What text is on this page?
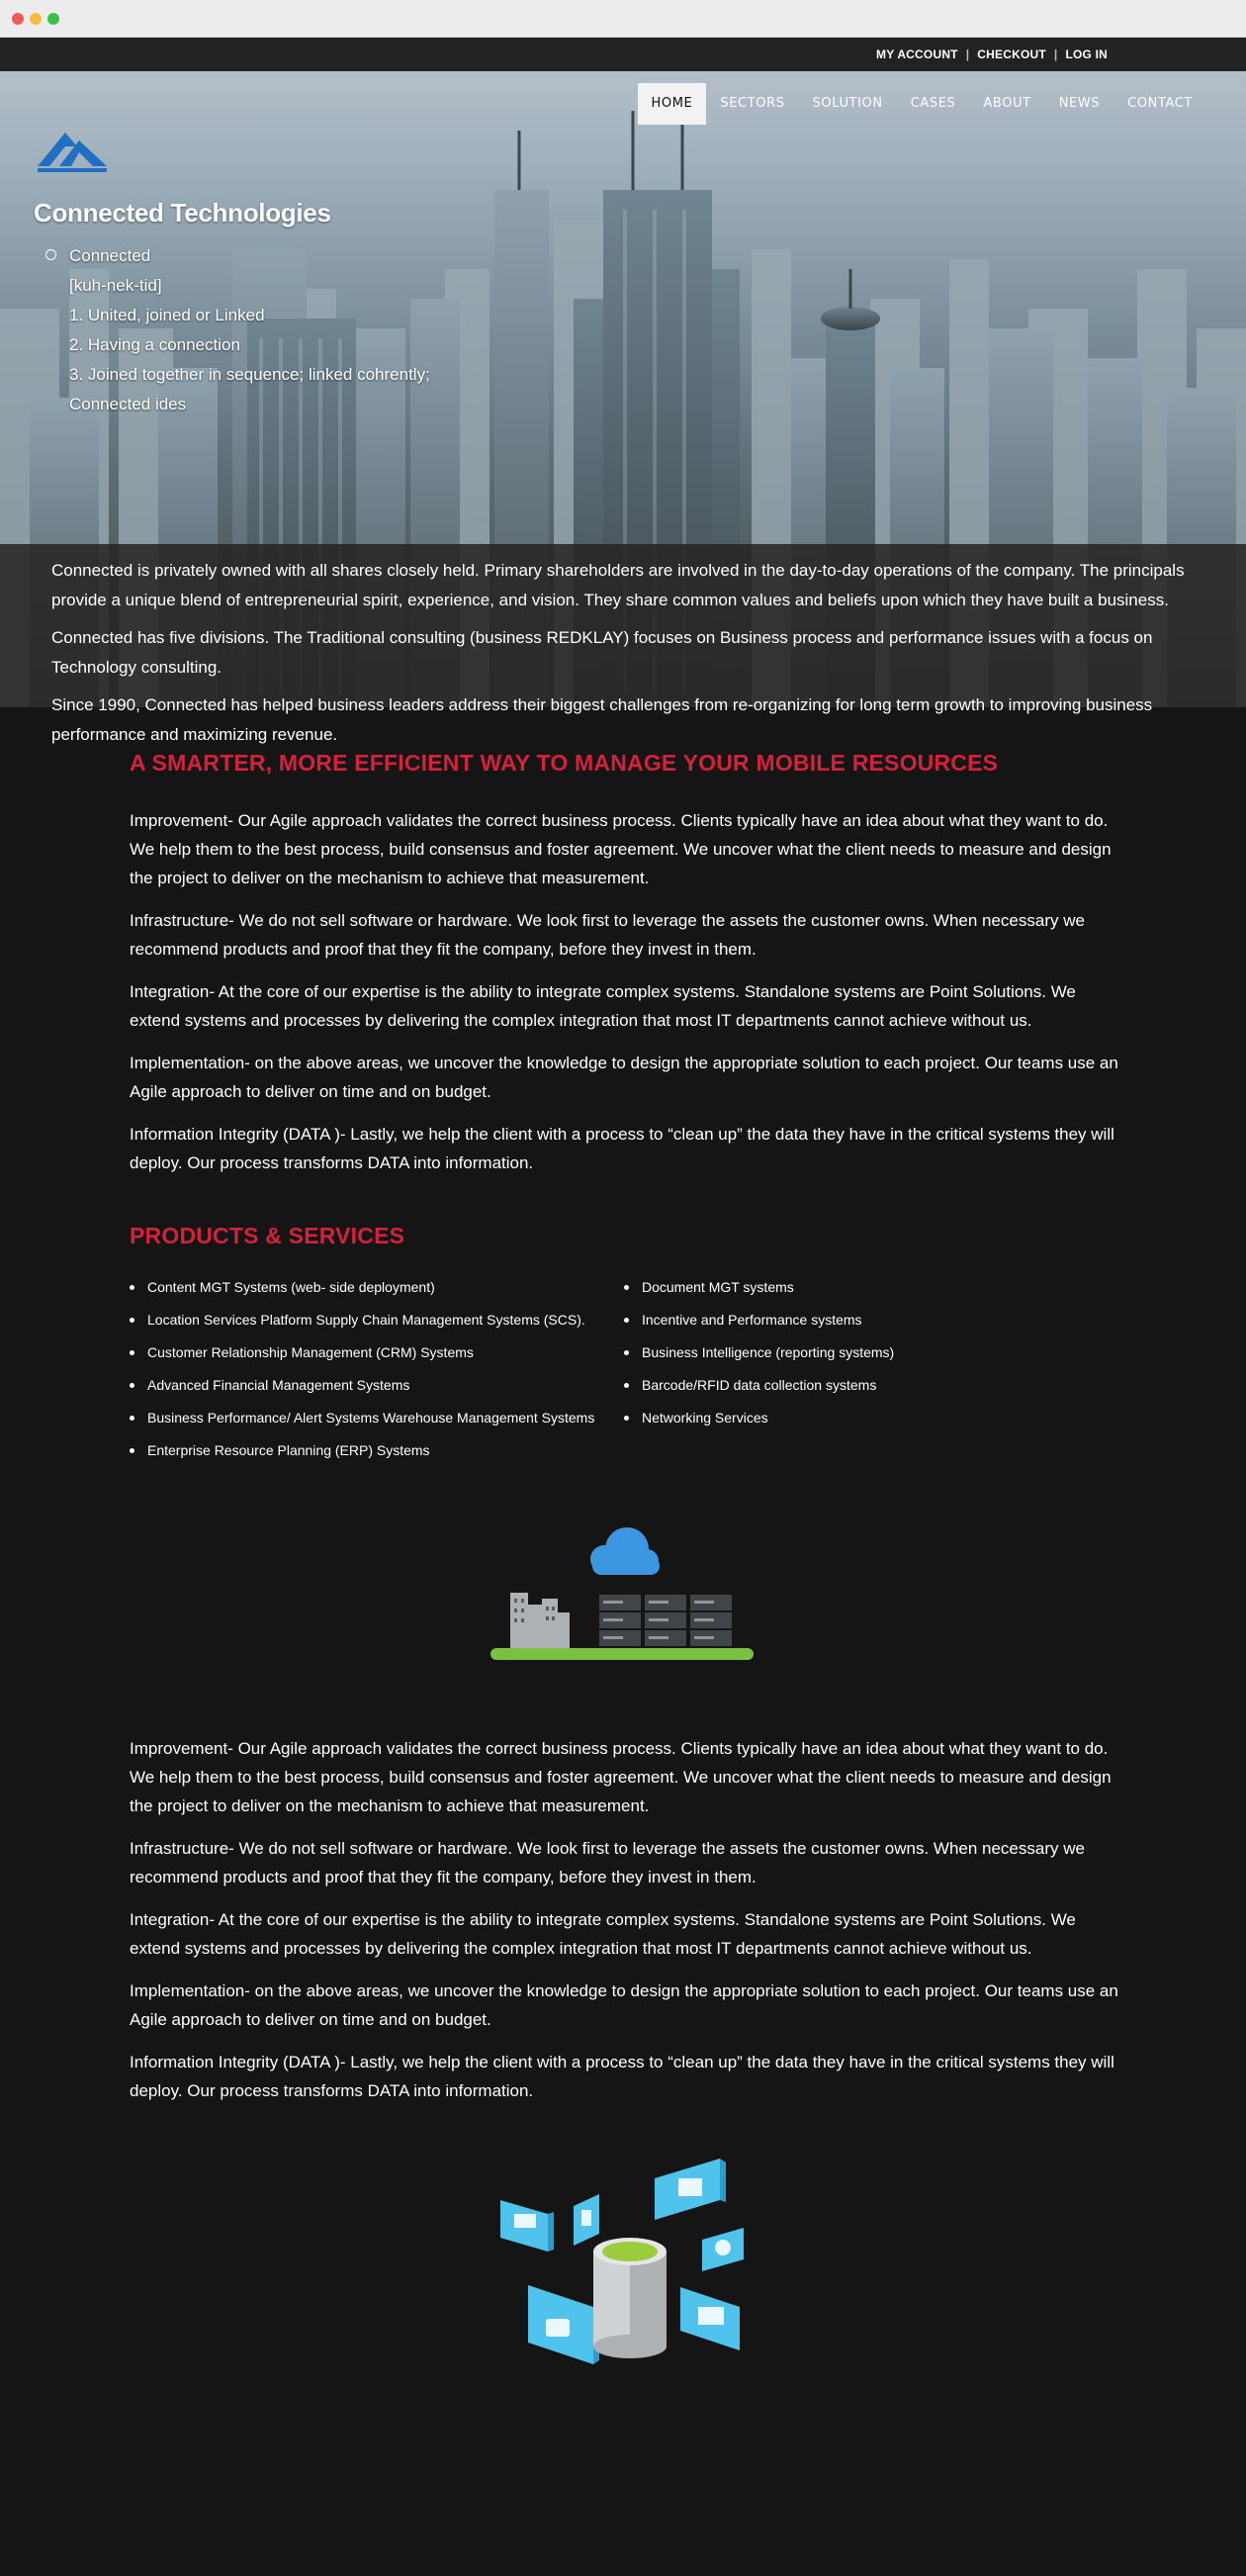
MY ACCOUNT | CHECKOUT | LOG IN
HOME	SECTORS	SOLUTION	CASES	ABOUT	NEWS	CONTACT
Connected Technologies
Connected
[kuh-nek-tid]
1. United, joined or Linked
2. Having a connection
3. Joined together in sequence; linked cohrently;
Connected ides

Connected is privately owned with all shares closely held. Primary shareholders are involved in the day-to-day operations of the company. The principals provide a unique blend of entrepreneurial spirit, experience, and vision. They share common values and beliefs upon which they have built a business.

Connected has five divisions. The Traditional consulting (business REDKLAY) focuses on Business process and performance issues with a focus on Technology consulting.

Since 1990, Connected has helped business leaders address their biggest challenges from re-organizing for long term growth to improving business performance and maximizing revenue.

A SMARTER, MORE EFFICIENT WAY TO MANAGE YOUR MOBILE RESOURCES

Improvement- Our Agile approach validates the correct business process. Clients typically have an idea about what they want to do. We help them to the best process, build consensus and foster agreement. We uncover what the client needs to measure and design the project to deliver on the mechanism to achieve that measurement.

Infrastructure- We do not sell software or hardware. We look first to leverage the assets the customer owns. When necessary we recommend products and proof that they fit the company, before they invest in them.

Integration- At the core of our expertise is the ability to integrate complex systems. Standalone systems are Point Solutions. We extend systems and processes by delivering the complex integration that most IT departments cannot achieve without us.

Implementation- on the above areas, we uncover the knowledge to design the appropriate solution to each project. Our teams use an Agile approach to deliver on time and on budget.

Information Integrity (DATA )- Lastly, we help the client with a process to “clean up” the data they have in the critical systems they will deploy. Our process transforms DATA into information.

PRODUCTS & SERVICES
Content MGT Systems (web- side deployment)
Location Services Platform Supply Chain Management Systems (SCS).
Customer Relationship Management (CRM) Systems
Advanced Financial Management Systems
Business Performance/ Alert Systems Warehouse Management Systems
Enterprise Resource Planning (ERP) Systems
Document MGT systems
Incentive and Performance systems
Business Intelligence (reporting systems)
Barcode/RFID data collection systems
Networking Services

Improvement- Our Agile approach validates the correct business process. Clients typically have an idea about what they want to do. We help them to the best process, build consensus and foster agreement. We uncover what the client needs to measure and design the project to deliver on the mechanism to achieve that measurement.

Infrastructure- We do not sell software or hardware. We look first to leverage the assets the customer owns. When necessary we recommend products and proof that they fit the company, before they invest in them.

Integration- At the core of our expertise is the ability to integrate complex systems. Standalone systems are Point Solutions. We extend systems and processes by delivering the complex integration that most IT departments cannot achieve without us.

Implementation- on the above areas, we uncover the knowledge to design the appropriate solution to each project. Our teams use an Agile approach to deliver on time and on budget.

Information Integrity (DATA )- Lastly, we help the client with a process to “clean up” the data they have in the critical systems they will deploy. Our process transforms DATA into information.
